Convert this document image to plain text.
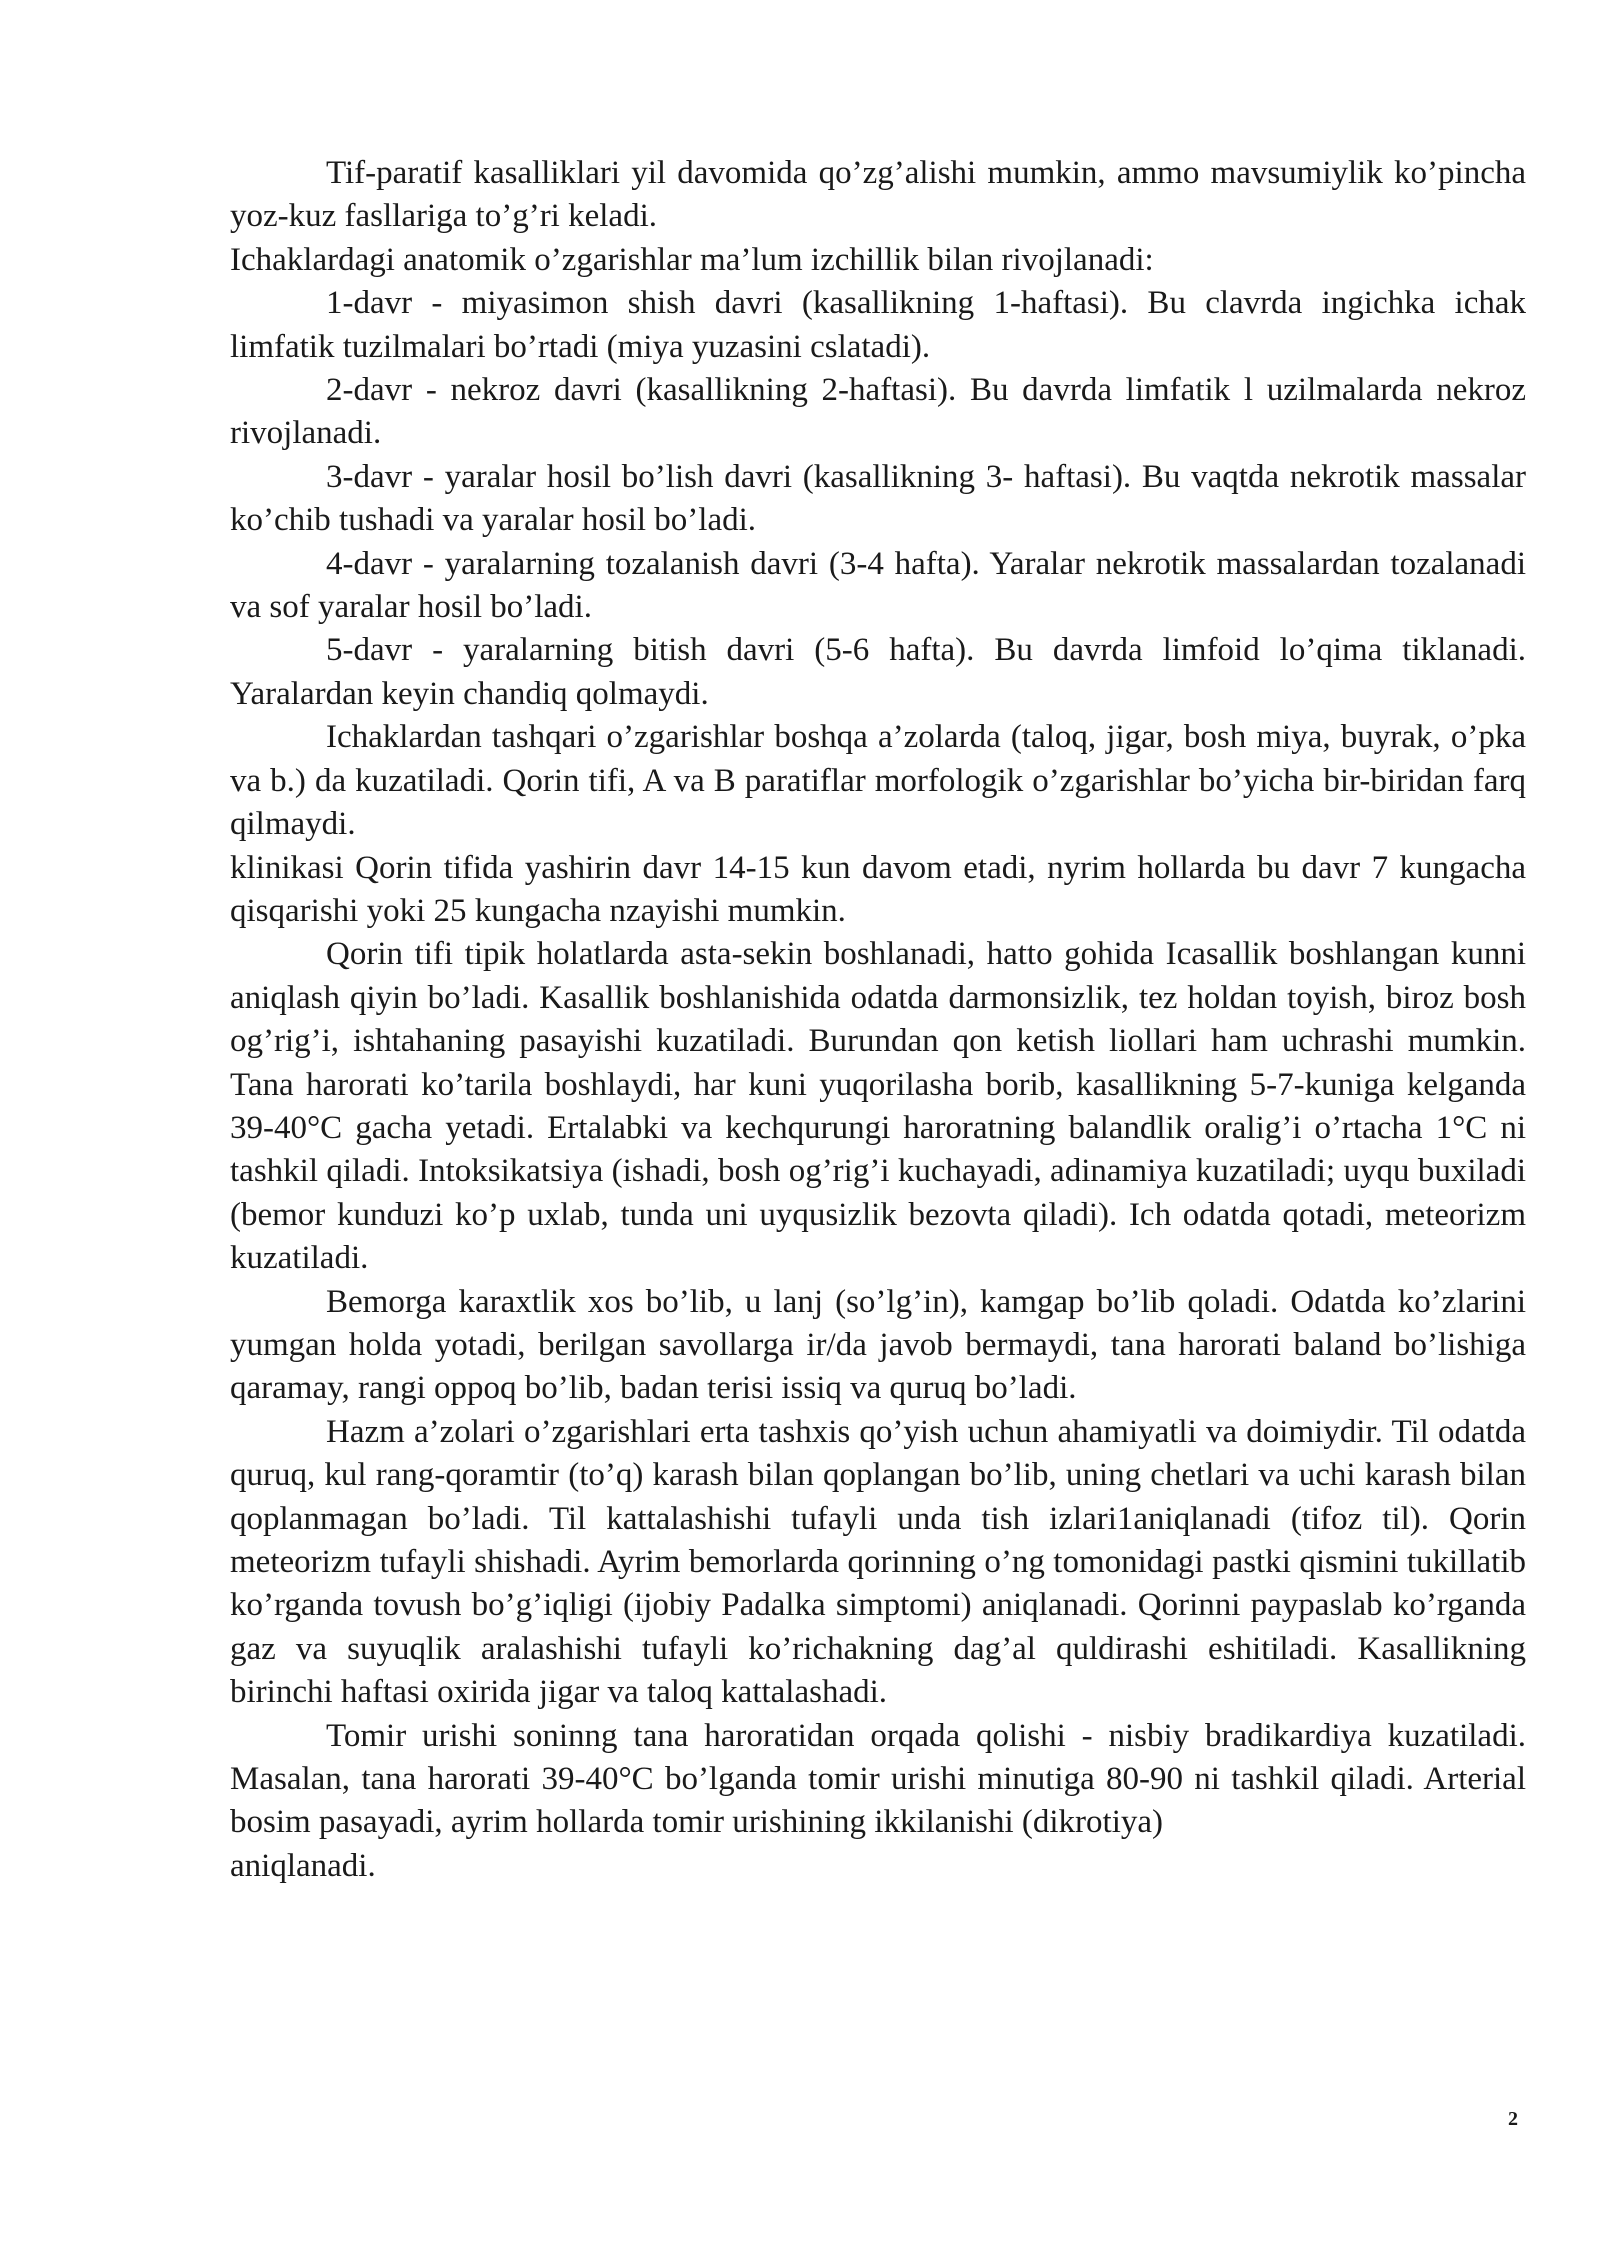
Tif-paratif kasalliklari yil davomida qo’zg’alishi mumkin, ammo mavsumiylik ko’pincha yoz-kuz fasllariga to’g’ri keladi.

Ichaklardagi anatomik o’zgarishlar ma’lum izchillik bilan rivojlanadi:

1-davr - miyasimon shish davri (kasallikning 1-haftasi). Bu clavrda ingichka ichak limfatik tuzilmalari bo’rtadi (miya yuzasini cslatadi).

2-davr - nekroz davri (kasallikning 2-haftasi). Bu davrda limfatik l uzilmalarda nekroz rivojlanadi.

3-davr - yaralar hosil bo’lish davri (kasallikning 3- haftasi). Bu vaqtda nekrotik massalar ko’chib tushadi va yaralar hosil bo’ladi.

4-davr - yaralarning tozalanish davri (3-4 hafta). Yaralar nekrotik massalardan tozalanadi va sof yaralar hosil bo’ladi.

5-davr - yaralarning bitish davri (5-6 hafta). Bu davrda limfoid lo’qima tiklanadi. Yaralardan keyin chandiq qolmaydi.

Ichaklardan tashqari o’zgarishlar boshqa a’zolarda (taloq, jigar, bosh miya, buyrak, o’pka va b.) da kuzatiladi. Qorin tifi, A va B paratiflar morfologik o’zgarishlar bo’yicha bir-biridan farq qilmaydi.

klinikasi Qorin tifida yashirin davr 14-15 kun davom etadi, nyrim hollarda bu davr 7 kungacha qisqarishi yoki 25 kungacha nzayishi mumkin.

Qorin tifi tipik holatlarda asta-sekin boshlanadi, hatto gohida Icasallik boshlangan kunni aniqlash qiyin bo’ladi. Kasallik boshlanishida odatda darmonsizlik, tez holdan toyish, biroz bosh og’rig’i, ishtahaning pasayishi kuzatiladi. Burundan qon ketish liollari ham uchrashi mumkin. Tana harorati ko’tarila boshlaydi, har kuni yuqorilasha borib, kasallikning 5-7-kuniga kelganda 39-40°C gacha yetadi. Ertalabki va kechqurungi haroratning balandlik oralig’i o’rtacha 1°C ni tashkil qiladi. Intoksikatsiya (ishadi, bosh og’rig’i kuchayadi, adinamiya kuzatiladi; uyqu buxiladi (bemor kunduzi ko’p uxlab, tunda uni uyqusizlik bezovta qiladi). Ich odatda qotadi, meteorizm kuzatiladi.

Bemorga karaxtlik xos bo’lib, u lanj (so’lg’in), kamgap bo’lib qoladi. Odatda ko’zlarini yumgan holda yotadi, berilgan savollarga ir/da javob bermaydi, tana harorati baland bo’lishiga qaramay, rangi oppoq bo’lib, badan terisi issiq va quruq bo’ladi.

Hazm a’zolari o’zgarishlari erta tashxis qo’yish uchun ahamiyatli va doimiydir. Til odatda quruq, kul rang-qoramtir (to’q) karash bilan qoplangan bo’lib, uning chetlari va uchi karash bilan qoplanmagan bo’ladi. Til kattalashishi tufayli unda tish izlari1aniqlanadi (tifoz til). Qorin meteorizm tufayli shishadi. Ayrim bemorlarda qorinning o’ng tomonidagi pastki qismini tukillatib ko’rganda tovush bo’g’iqligi (ijobiy Padalka simptomi) aniqlanadi. Qorinni paypaslab ko’rganda gaz va suyuqlik aralashishi tufayli ko’richakning dag’al quldirashi eshitiladi. Kasallikning birinchi haftasi oxirida jigar va taloq kattalashadi.

Tomir urishi soninng tana haroratidan orqada qolishi - nisbiy bradikardiya kuzatiladi. Masalan, tana harorati 39-40°C bo’lganda tomir urishi minutiga 80-90 ni tashkil qiladi. Arterial bosim pasayadi, ayrim hollarda tomir urishining ikkilanishi (dikrotiya)

aniqlanadi.

2
